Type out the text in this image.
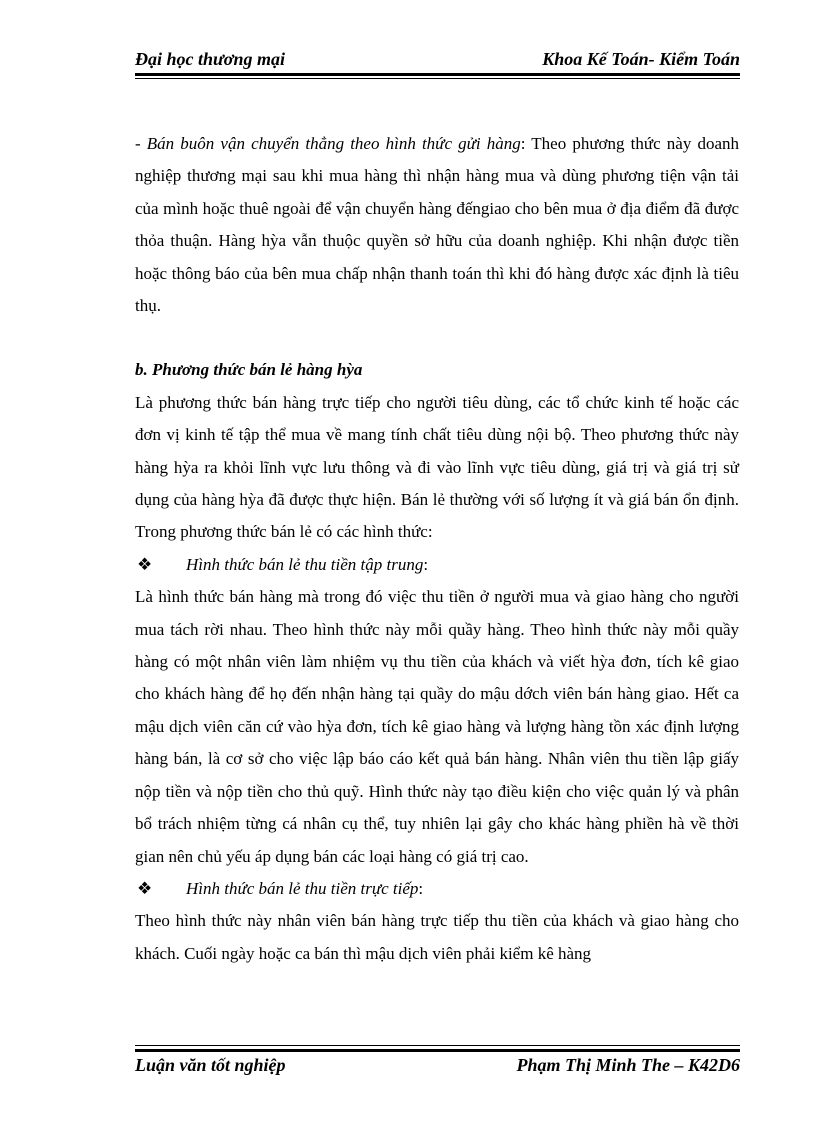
Đại học thương mại	Khoa Kế Toán- Kiểm Toán

- Bán buôn vận chuyển thẳng theo hình thức gửi hàng: Theo phương thức này doanh nghiệp thương mại sau khi mua hàng thì nhận hàng mua và dùng phương tiện vận tải của mình hoặc thuê ngoài để vận chuyển hàng đếngiao cho bên mua ở địa điểm đã được thỏa thuận. Hàng hỳa vẫn thuộc quyền sở hữu của doanh nghiệp. Khi nhận được tiền hoặc thông báo của bên mua chấp nhận thanh toán thì khi đó hàng được xác định là tiêu thụ.

b. Phương thức bán lẻ hàng hỳa

Là phương thức bán hàng trực tiếp cho người tiêu dùng, các tổ chức kinh tế hoặc các đơn vị kinh tế tập thể mua về mang tính chất tiêu dùng nội bộ. Theo phương thức này hàng hỳa ra khỏi lĩnh vực lưu thông và đi vào lĩnh vực tiêu dùng, giá trị và giá trị sử dụng của hàng hỳa đã được thực hiện. Bán lẻ thường với số lượng ít và giá bán ổn định. Trong phương thức bán lẻ có các hình thức:

❖ Hình thức bán lẻ thu tiền tập trung:

Là hình thức bán hàng mà trong đó việc thu tiền ở người mua và giao hàng cho người mua tách rời nhau. Theo hình thức này mỗi quầy hàng. Theo hình thức này mỗi quầy hàng có một nhân viên làm nhiệm vụ thu tiền của khách và viết hỳa đơn, tích kê giao cho khách hàng để họ đến nhận hàng tại quầy do mậu dớch viên bán hàng giao. Hết ca mậu dịch viên căn cứ vào hỳa đơn, tích kê giao hàng và lượng hàng tồn xác định lượng hàng bán, là cơ sở cho việc lập báo cáo kết quả bán hàng. Nhân viên thu tiền lập giấy nộp tiền và nộp tiền cho thủ quỹ. Hình thức này tạo điều kiện cho việc quản lý và phân bổ trách nhiệm từng cá nhân cụ thể, tuy nhiên lại gây cho khác hàng phiền hà về thời gian nên chủ yếu áp dụng bán các loại hàng có giá trị cao.

❖ Hình thức bán lẻ thu tiền trực tiếp:

Theo hình thức này nhân viên bán hàng trực tiếp thu tiền của khách và giao hàng cho khách. Cuối ngày hoặc ca bán thì mậu dịch viên phải kiểm kê hàng

Luận văn tốt nghiệp	Phạm Thị Minh The – K42D6
